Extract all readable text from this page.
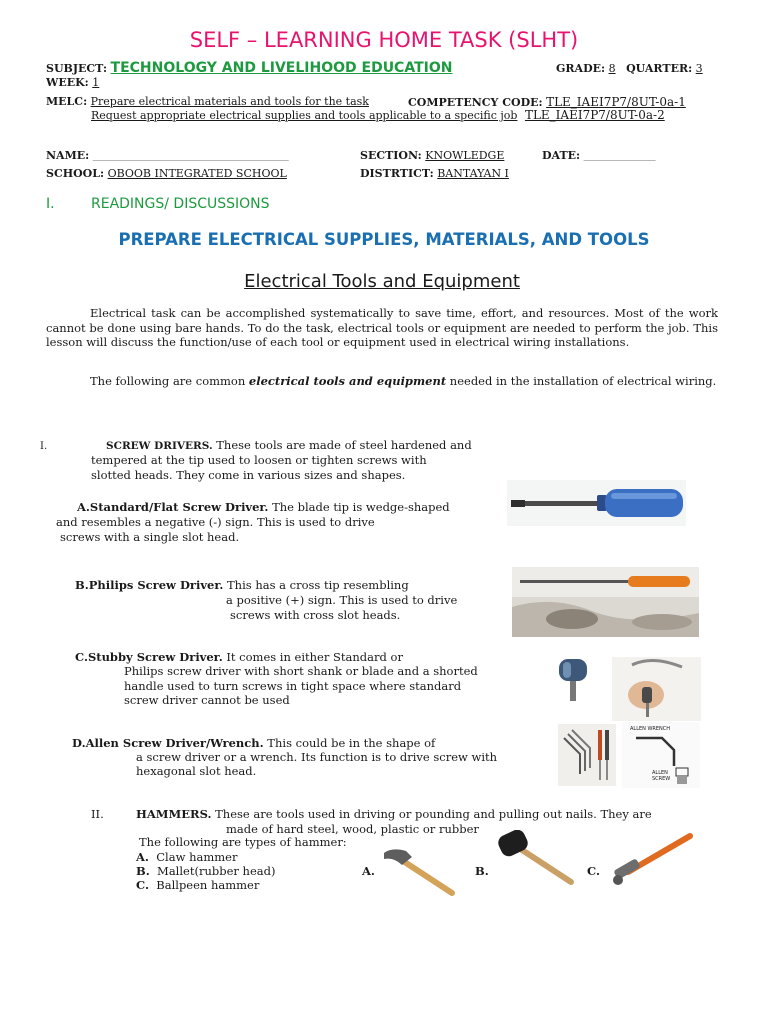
SELF – LEARNING HOME TASK (SLHT)
SUBJECT: TECHNOLOGY AND LIVELIHOOD EDUCATION	GRADE: 8 QUARTER: 3
WEEK: 1
MELC: Prepare electrical materials and tools for the task	COMPETENCY CODE: TLE_IAEI7P7/8UT-0a-1
Request appropriate electrical supplies and tools applicable to a specific job TLE_IAEI7P7/8UT-0a-2
NAME: _________________________________________________	SECTION: KNOWLEDGE	DATE: __________________
SCHOOL: OBOOB INTEGRATED SCHOOL	DISTRTICT: BANTAYAN I
I.	READINGS/ DISCUSSIONS
PREPARE ELECTRICAL SUPPLIES, MATERIALS, AND TOOLS
Electrical Tools and Equipment
Electrical task can be accomplished systematically to save time, effort, and resources. Most of the work cannot be done using bare hands. To do the task, electrical tools or equipment are needed to perform the job. This lesson will discuss the function/use of each tool or equipment used in electrical wiring installations.
The following are common electrical tools and equipment needed in the installation of electrical wiring.
I.	SCREW DRIVERS. These tools are made of steel hardened and
tempered at the tip used to loosen or tighten screws with
slotted heads. They come in various sizes and shapes.
A.Standard/Flat Screw Driver. The blade tip is wedge-shaped
and resembles a negative (-) sign. This is used to drive
screws with a single slot head.
B.Philips Screw Driver. This has a cross tip resembling
a positive (+) sign. This is used to drive
screws with cross slot heads.
C.Stubby Screw Driver. It comes in either Standard or
Philips screw driver with short shank or blade and a shorted
handle used to turn screws in tight space where standard
screw driver cannot be used
D.Allen Screw Driver/Wrench. This could be in the shape of
a screw driver or a wrench. Its function is to drive screw with
hexagonal slot head.
ALLEN WRENCH
ALLEN SCREW
II.	HAMMERS. These are tools used in driving or pounding and pulling out nails. They are
made of hard steel, wood, plastic or rubber
The following are types of hammer:
A. Claw hammer
B. Mallet(rubber head)
C. Ballpeen hammer
A.	B.	C.
